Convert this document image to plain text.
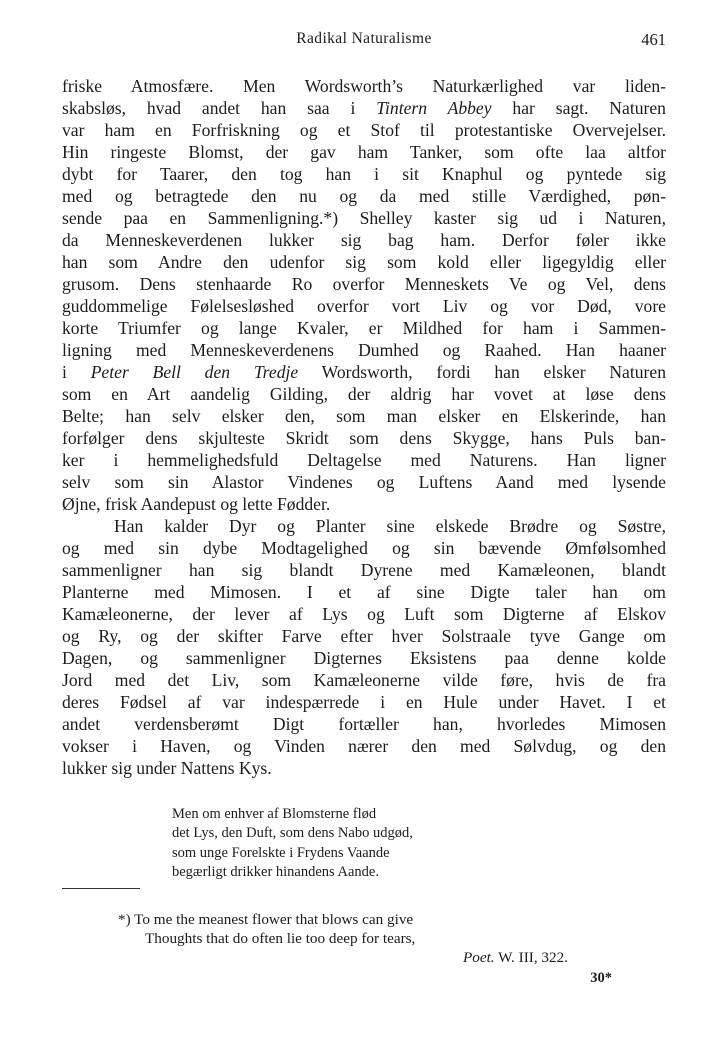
Radikal Naturalisme	461
friske Atmosfære. Men Wordsworth’s Naturkærlighed var liden-
skabsløs, hvad andet han saa i Tintern Abbey har sagt. Naturen
var ham en Forfriskning og et Stof til protestantiske Overvejelser.
Hin ringeste Blomst, der gav ham Tanker, som ofte laa altfor
dybt for Taarer, den tog han i sit Knaphul og pyntede sig
med og betragtede den nu og da med stille Værdighed, pøn-
sende paa en Sammenligning.*) Shelley kaster sig ud i Naturen,
da Menneskeverdenen lukker sig bag ham. Derfor føler ikke
han som Andre den udenfor sig som kold eller ligegyldig eller
grusom. Dens stenhaarde Ro overfor Menneskets Ve og Vel, dens
guddommelige Følelsesløshed overfor vort Liv og vor Død, vore
korte Triumfer og lange Kvaler, er Mildhed for ham i Sammen-
ligning med Menneskeverdenens Dumhed og Raahed. Han haaner
i Peter Bell den Tredje Wordsworth, fordi han elsker Naturen
som en Art aandelig Gilding, der aldrig har vovet at løse dens
Belte; han selv elsker den, som man elsker en Elskerinde, han
forfølger dens skjulteste Skridt som dens Skygge, hans Puls ban-
ker i hemmelighedsfuld Deltagelse med Naturens. Han ligner
selv som sin Alastor Vindenes og Luftens Aand med lysende
Øjne, frisk Aandepust og lette Fødder.
Han kalder Dyr og Planter sine elskede Brødre og Søstre,
og med sin dybe Modtagelighed og sin bævende Ømfølsomhed
sammenligner han sig blandt Dyrene med Kamæleonen, blandt
Planterne med Mimosen. I et af sine Digte taler han om
Kamæleonerne, der lever af Lys og Luft som Digterne af Elskov
og Ry, og der skifter Farve efter hver Solstraale tyve Gange om
Dagen, og sammenligner Digternes Eksistens paa denne kolde
Jord med det Liv, som Kamæleonerne vilde føre, hvis de fra
deres Fødsel af var indespærrede i en Hule under Havet. I et
andet verdensberømt Digt fortæller han, hvorledes Mimosen
vokser i Haven, og Vinden nærer den med Sølvdug, og den
lukker sig under Nattens Kys.
Men om enhver af Blomsterne flød
det Lys, den Duft, som dens Nabo udgød,
som unge Forelskte i Frydens Vaande
begærligt drikker hinandens Aande.
*) To me the meanest flower that blows can give
Thoughts that do often lie too deep for tears,
Poet. W. III, 322.
30*
